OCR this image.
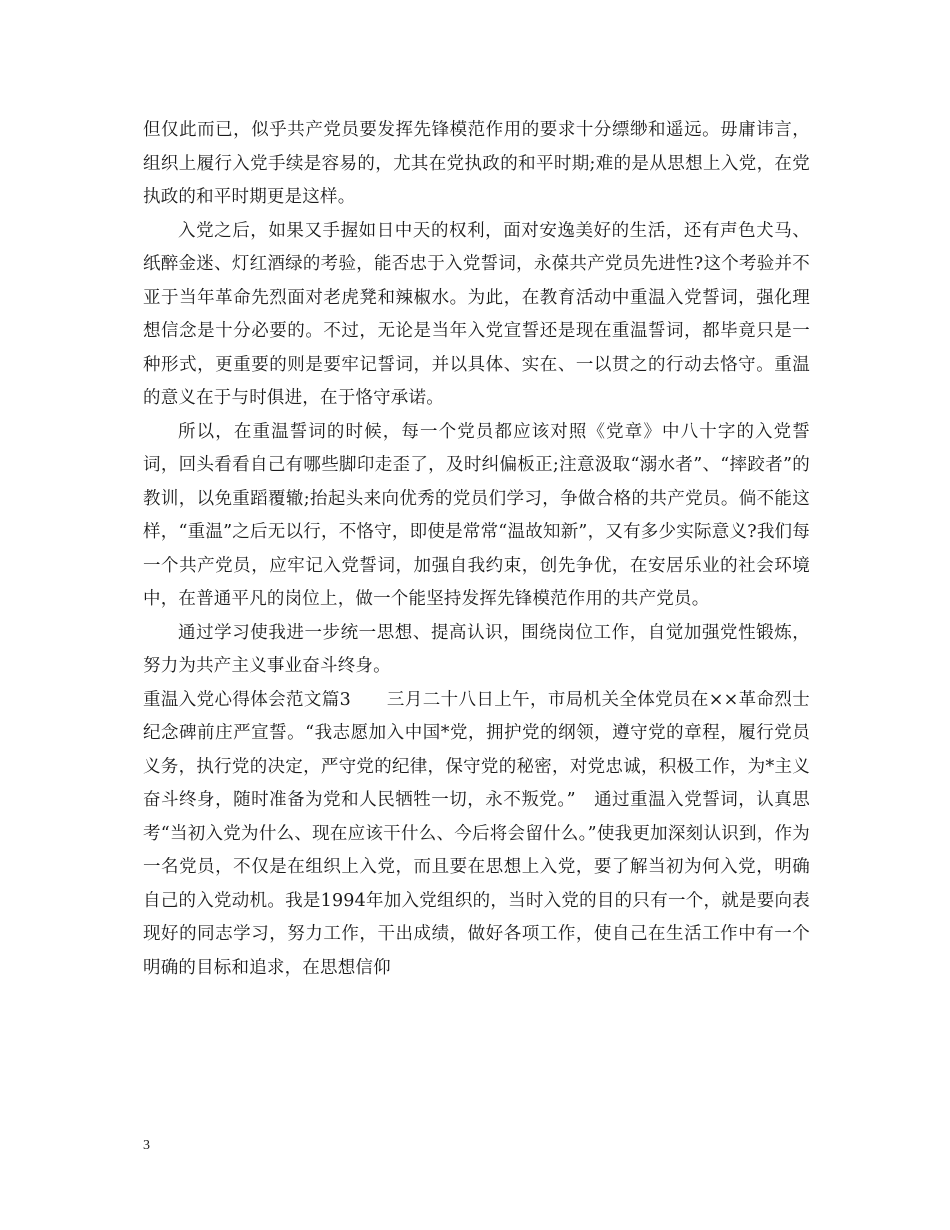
但仅此而已，似乎共产党员要发挥先锋模范作用的要求十分缥缈和遥远。毋庸讳言，组织上履行入党手续是容易的，尤其在党执政的和平时期;难的是从思想上入党，在党执政的和平时期更是这样。

入党之后，如果又手握如日中天的权利，面对安逸美好的生活，还有声色犬马、纸醉金迷、灯红酒绿的考验，能否忠于入党誓词，永葆共产党员先进性?这个考验并不亚于当年革命先烈面对老虎凳和辣椒水。为此，在教育活动中重温入党誓词，强化理想信念是十分必要的。不过，无论是当年入党宣誓还是现在重温誓词，都毕竟只是一种形式，更重要的则是要牢记誓词，并以具体、实在、一以贯之的行动去恪守。重温的意义在于与时俱进，在于恪守承诺。

所以，在重温誓词的时候，每一个党员都应该对照《党章》中八十字的入党誓词，回头看看自己有哪些脚印走歪了，及时纠偏板正;注意汲取“溺水者”、“摔跤者”的教训，以免重蹈覆辙;抬起头来向优秀的党员们学习，争做合格的共产党员。倘不能这样，“重温”之后无以行，不恪守，即使是常常“温故知新”，又有多少实际意义?我们每一个共产党员，应牢记入党誓词，加强自我约束，创先争优，在安居乐业的社会环境中，在普通平凡的岗位上，做一个能坚持发挥先锋模范作用的共产党员。

通过学习使我进一步统一思想、提高认识，围绕岗位工作，自觉加强党性锻炼，努力为共产主义事业奋斗终身。

重温入党心得体会范文篇3　　三月二十八日上午，市局机关全体党员在××革命烈士纪念碑前庄严宣誓。“我志愿加入中国*党，拥护党的纲领，遵守党的章程，履行党员义务，执行党的决定，严守党的纪律，保守党的秘密，对党忠诚，积极工作，为*主义奋斗终身，随时准备为党和人民牺牲一切，永不叛党。”　通过重温入党誓词，认真思考“当初入党为什么、现在应该干什么、今后将会留什么。”使我更加深刻认识到，作为一名党员，不仅是在组织上入党，而且要在思想上入党，要了解当初为何入党，明确自己的入党动机。我是1994年加入党组织的，当时入党的目的只有一个，就是要向表现好的同志学习，努力工作，干出成绩，做好各项工作，使自己在生活工作中有一个明确的目标和追求，在思想信仰

3
